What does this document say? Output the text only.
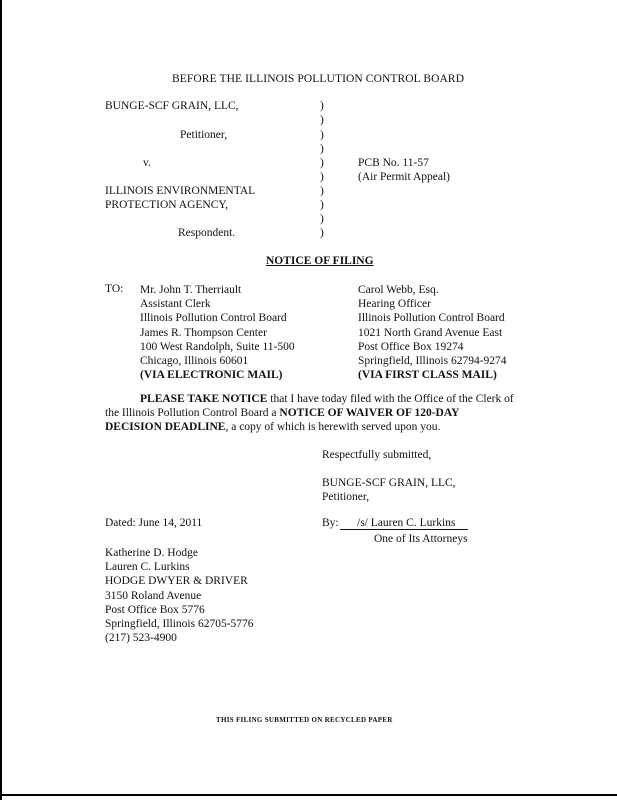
BEFORE THE ILLINOIS POLLUTION CONTROL BOARD
BUNGE-SCF GRAIN, LLC,
Petitioner,
v.
ILLINOIS ENVIRONMENTAL
PROTECTION AGENCY,
Respondent.
)
)
)
)
)
)
)
)
)
)
PCB No. 11-57
(Air Permit Appeal)
NOTICE OF FILING
TO: Mr. John T. Therriault
Assistant Clerk
Illinois Pollution Control Board
James R. Thompson Center
100 West Randolph, Suite 11-500
Chicago, Illinois 60601
(VIA ELECTRONIC MAIL)
Carol Webb, Esq.
Hearing Officer
Illinois Pollution Control Board
1021 North Grand Avenue East
Post Office Box 19274
Springfield, Illinois 62794-9274
(VIA FIRST CLASS MAIL)
PLEASE TAKE NOTICE that I have today filed with the Office of the Clerk of
the Illinois Pollution Control Board a NOTICE OF WAIVER OF 120-DAY
DECISION DEADLINE, a copy of which is herewith served upon you.
Respectfully submitted,
BUNGE-SCF GRAIN, LLC,
Petitioner,
Dated: June 14, 2011	By: /s/ Lauren C. Lurkins
One of Its Attorneys
Katherine D. Hodge
Lauren C. Lurkins
HODGE DWYER & DRIVER
3150 Roland Avenue
Post Office Box 5776
Springfield, Illinois 62705-5776
(217) 523-4900
THIS FILING SUBMITTED ON RECYCLED PAPER
